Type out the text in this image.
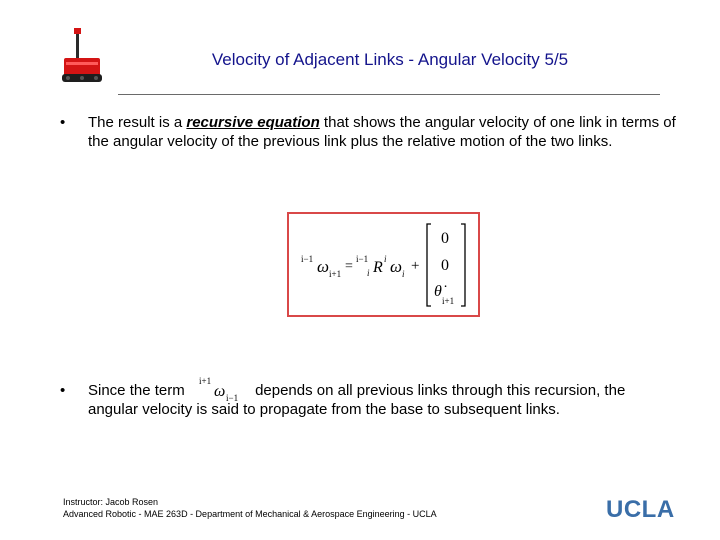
Velocity of Adjacent Links - Angular Velocity 5/5
• The result is a recursive equation that shows the angular velocity of one link in terms of the angular velocity of the previous link plus the relative motion of the two links.
i−1 ω i+1 = i−1
i R i ω i +
0
0
θ̇
i+1
• Since the term
i+1
ω i−1 depends on all previous links through this recursion, the angular velocity is said to propagate from the base to subsequent links.
Instructor: Jacob Rosen
Advanced Robotic - MAE 263D - Department of Mechanical & Aerospace Engineering - UCLA	UCLA
